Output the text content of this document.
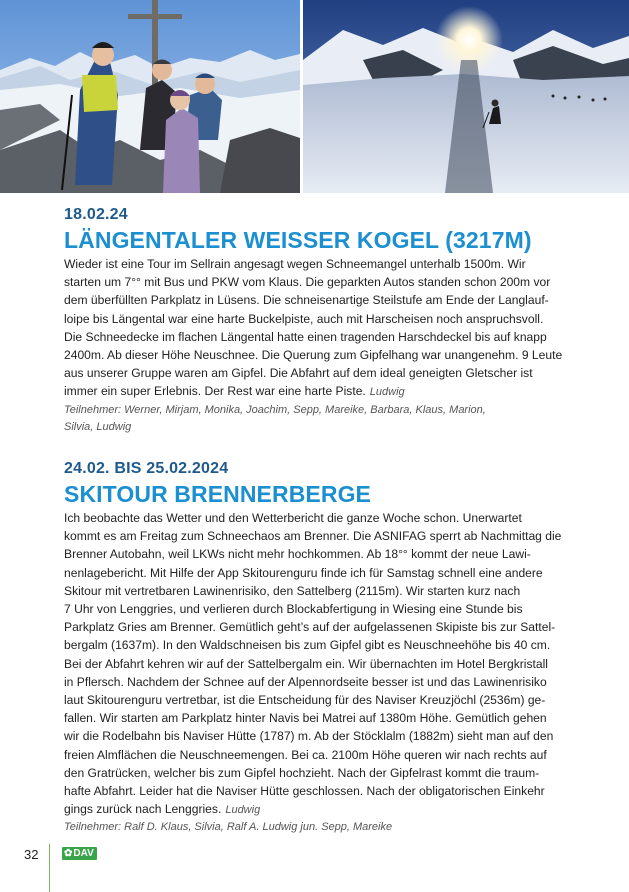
18.02.24
LÄNGENTALER WEISSER KOGEL (3217M)
Wieder ist eine Tour im Sellrain angesagt wegen Schneemangel unterhalb 1500m. Wir
starten um 7°° mit Bus und PKW vom Klaus. Die geparkten Autos standen schon 200m vor
dem überfüllten Parkplatz in Lüsens. Die schneisenartige Steilstufe am Ende der Langlauf-
loipe bis Längental war eine harte Buckelpiste, auch mit Harscheisen noch anspruchsvoll.
Die Schneedecke im flachen Längental hatte einen tragenden Harschdeckel bis auf knapp
2400m. Ab dieser Höhe Neuschnee. Die Querung zum Gipfelhang war unangenehm. 9 Leute
aus unserer Gruppe waren am Gipfel. Die Abfahrt auf dem ideal geneigten Gletscher ist
immer ein super Erlebnis. Der Rest war eine harte Piste. Ludwig
Teilnehmer: Werner, Mirjam, Monika, Joachim, Sepp, Mareike, Barbara, Klaus, Marion,
Silvia, Ludwig
24.02. BIS 25.02.2024
SKITOUR BRENNERBERGE
Ich beobachte das Wetter und den Wetterbericht die ganze Woche schon. Unerwartet
kommt es am Freitag zum Schneechaos am Brenner. Die ASNIFAG sperrt ab Nachmittag die
Brenner Autobahn, weil LKWs nicht mehr hochkommen. Ab 18°° kommt der neue Lawi-
nenlagebericht. Mit Hilfe der App Skitourenguru finde ich für Samstag schnell eine andere
Skitour mit vertretbaren Lawinenrisiko, den Sattelberg (2115m). Wir starten kurz nach
7 Uhr von Lenggries, und verlieren durch Blockabfertigung in Wiesing eine Stunde bis
Parkplatz Gries am Brenner. Gemütlich geht’s auf der aufgelassenen Skipiste bis zur Sattel-
bergalm (1637m). In den Waldschneisen bis zum Gipfel gibt es Neuschneehöhe bis 40 cm.
Bei der Abfahrt kehren wir auf der Sattelbergalm ein. Wir übernachten im Hotel Bergkristall
in Pflersch. Nachdem der Schnee auf der Alpennordseite besser ist und das Lawinenrisiko
laut Skitourenguru vertretbar, ist die Entscheidung für des Naviser Kreuzjöchl (2536m) ge-
fallen. Wir starten am Parkplatz hinter Navis bei Matrei auf 1380m Höhe. Gemütlich gehen
wir die Rodelbahn bis Naviser Hütte (1787) m. Ab der Stöcklalm (1882m) sieht man auf den
freien Almflächen die Neuschneemengen. Bei ca. 2100m Höhe queren wir nach rechts auf
den Gratrücken, welcher bis zum Gipfel hochzieht. Nach der Gipfelrast kommt die traum-
hafte Abfahrt. Leider hat die Naviser Hütte geschlossen. Nach der obligatorischen Einkehr
gings zurück nach Lenggries. Ludwig
Teilnehmer: Ralf D. Klaus, Silvia, Ralf A. Ludwig jun. Sepp, Mareike
32	✿ DAV
